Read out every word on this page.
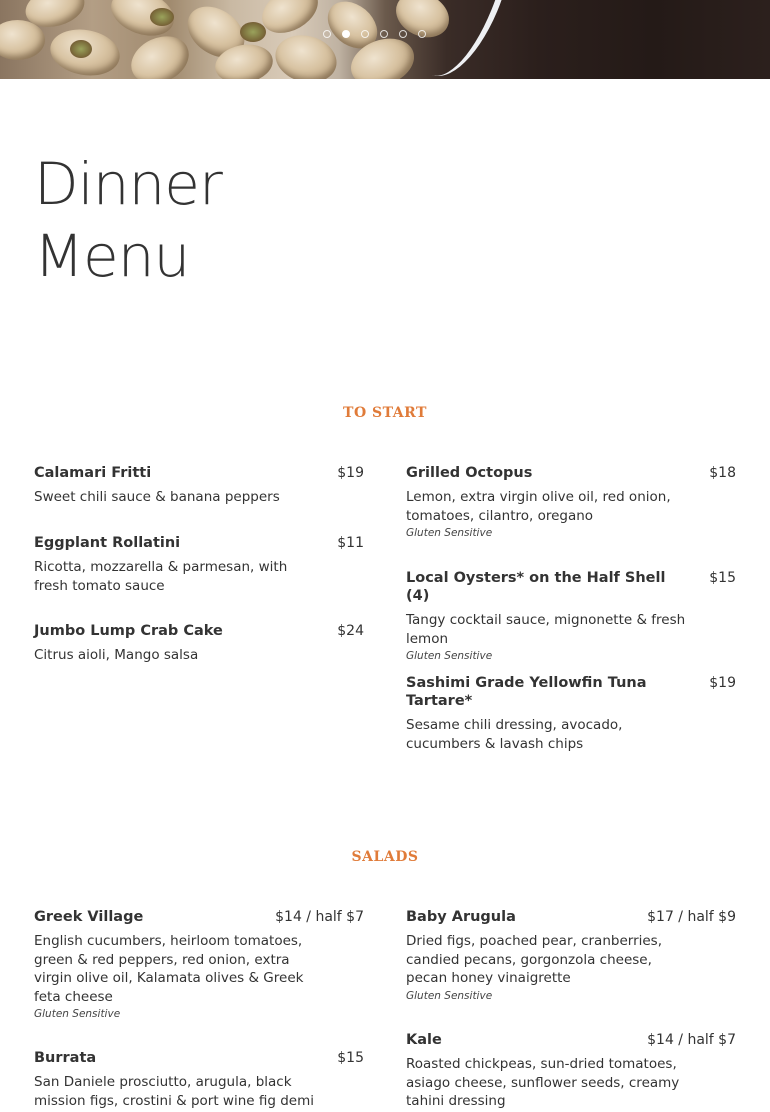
Dinner
Menu
TO START

Calamari Fritti	$19

Sweet chili sauce & banana peppers

Eggplant Rollatini	$11

Ricotta, mozzarella & parmesan, with fresh tomato sauce

Jumbo Lump Crab Cake	$24

Citrus aioli, Mango salsa

Grilled Octopus	$18

Lemon, extra virgin olive oil, red onion, tomatoes, cilantro, oregano

Gluten Sensitive

Local Oysters* on the Half Shell (4)

$15

Tangy cocktail sauce, mignonette & fresh lemon

Gluten Sensitive

Sashimi Grade Yellowfin Tuna Tartare*

$19

Sesame chili dressing, avocado, cucumbers & lavash chips

SALADS

Greek Village	$14 / half $7

English cucumbers, heirloom tomatoes, green & red peppers, red onion, extra virgin olive oil, Kalamata olives & Greek feta cheese

Gluten Sensitive

Burrata	$15

San Daniele prosciutto, arugula, black mission figs, crostini & port wine fig demi

Baby Arugula	$17 / half $9

Dried figs, poached pear, cranberries, candied pecans, gorgonzola cheese, pecan honey vinaigrette

Gluten Sensitive

Kale	$14 / half $7

Roasted chickpeas, sun-dried tomatoes, asiago cheese, sunflower seeds, creamy tahini dressing
